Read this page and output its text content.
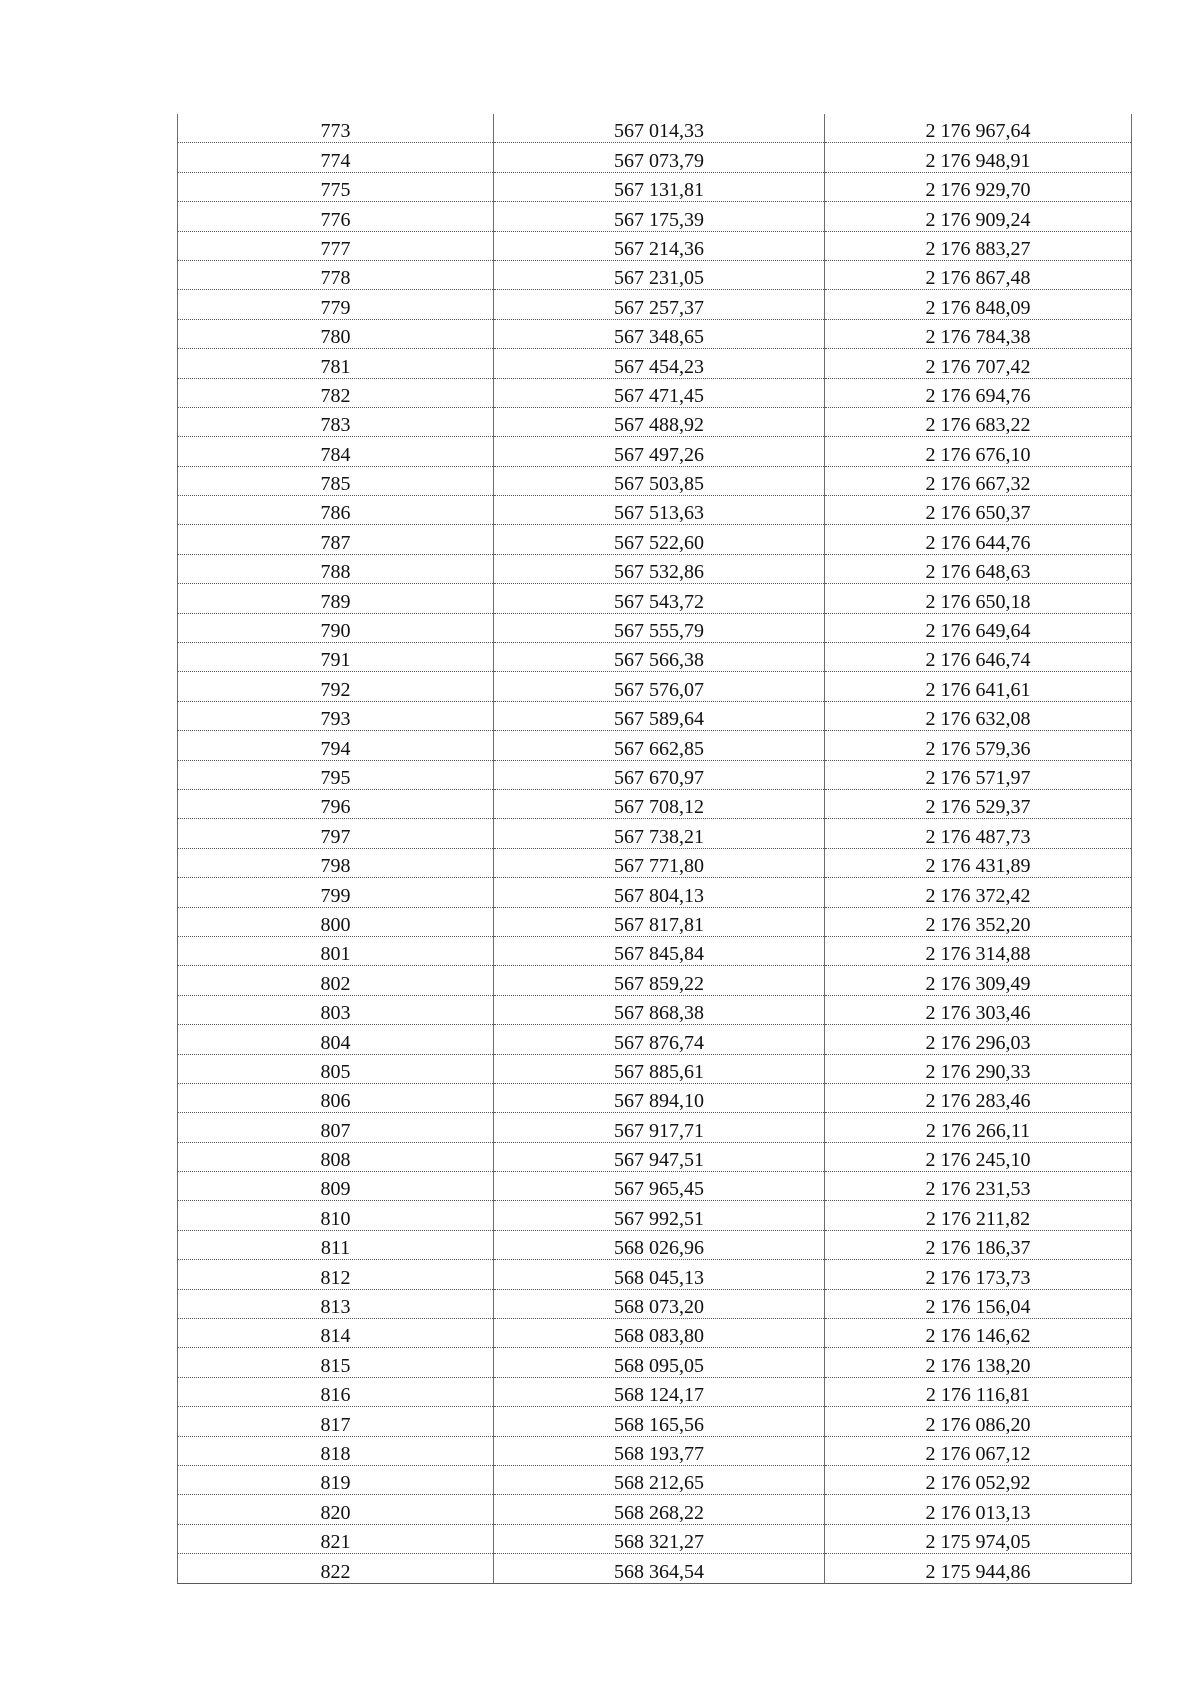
773	567 014,33	2 176 967,64
774	567 073,79	2 176 948,91
775	567 131,81	2 176 929,70
776	567 175,39	2 176 909,24
777	567 214,36	2 176 883,27
778	567 231,05	2 176 867,48
779	567 257,37	2 176 848,09
780	567 348,65	2 176 784,38
781	567 454,23	2 176 707,42
782	567 471,45	2 176 694,76
783	567 488,92	2 176 683,22
784	567 497,26	2 176 676,10
785	567 503,85	2 176 667,32
786	567 513,63	2 176 650,37
787	567 522,60	2 176 644,76
788	567 532,86	2 176 648,63
789	567 543,72	2 176 650,18
790	567 555,79	2 176 649,64
791	567 566,38	2 176 646,74
792	567 576,07	2 176 641,61
793	567 589,64	2 176 632,08
794	567 662,85	2 176 579,36
795	567 670,97	2 176 571,97
796	567 708,12	2 176 529,37
797	567 738,21	2 176 487,73
798	567 771,80	2 176 431,89
799	567 804,13	2 176 372,42
800	567 817,81	2 176 352,20
801	567 845,84	2 176 314,88
802	567 859,22	2 176 309,49
803	567 868,38	2 176 303,46
804	567 876,74	2 176 296,03
805	567 885,61	2 176 290,33
806	567 894,10	2 176 283,46
807	567 917,71	2 176 266,11
808	567 947,51	2 176 245,10
809	567 965,45	2 176 231,53
810	567 992,51	2 176 211,82
811	568 026,96	2 176 186,37
812	568 045,13	2 176 173,73
813	568 073,20	2 176 156,04
814	568 083,80	2 176 146,62
815	568 095,05	2 176 138,20
816	568 124,17	2 176 116,81
817	568 165,56	2 176 086,20
818	568 193,77	2 176 067,12
819	568 212,65	2 176 052,92
820	568 268,22	2 176 013,13
821	568 321,27	2 175 974,05
822	568 364,54	2 175 944,86
